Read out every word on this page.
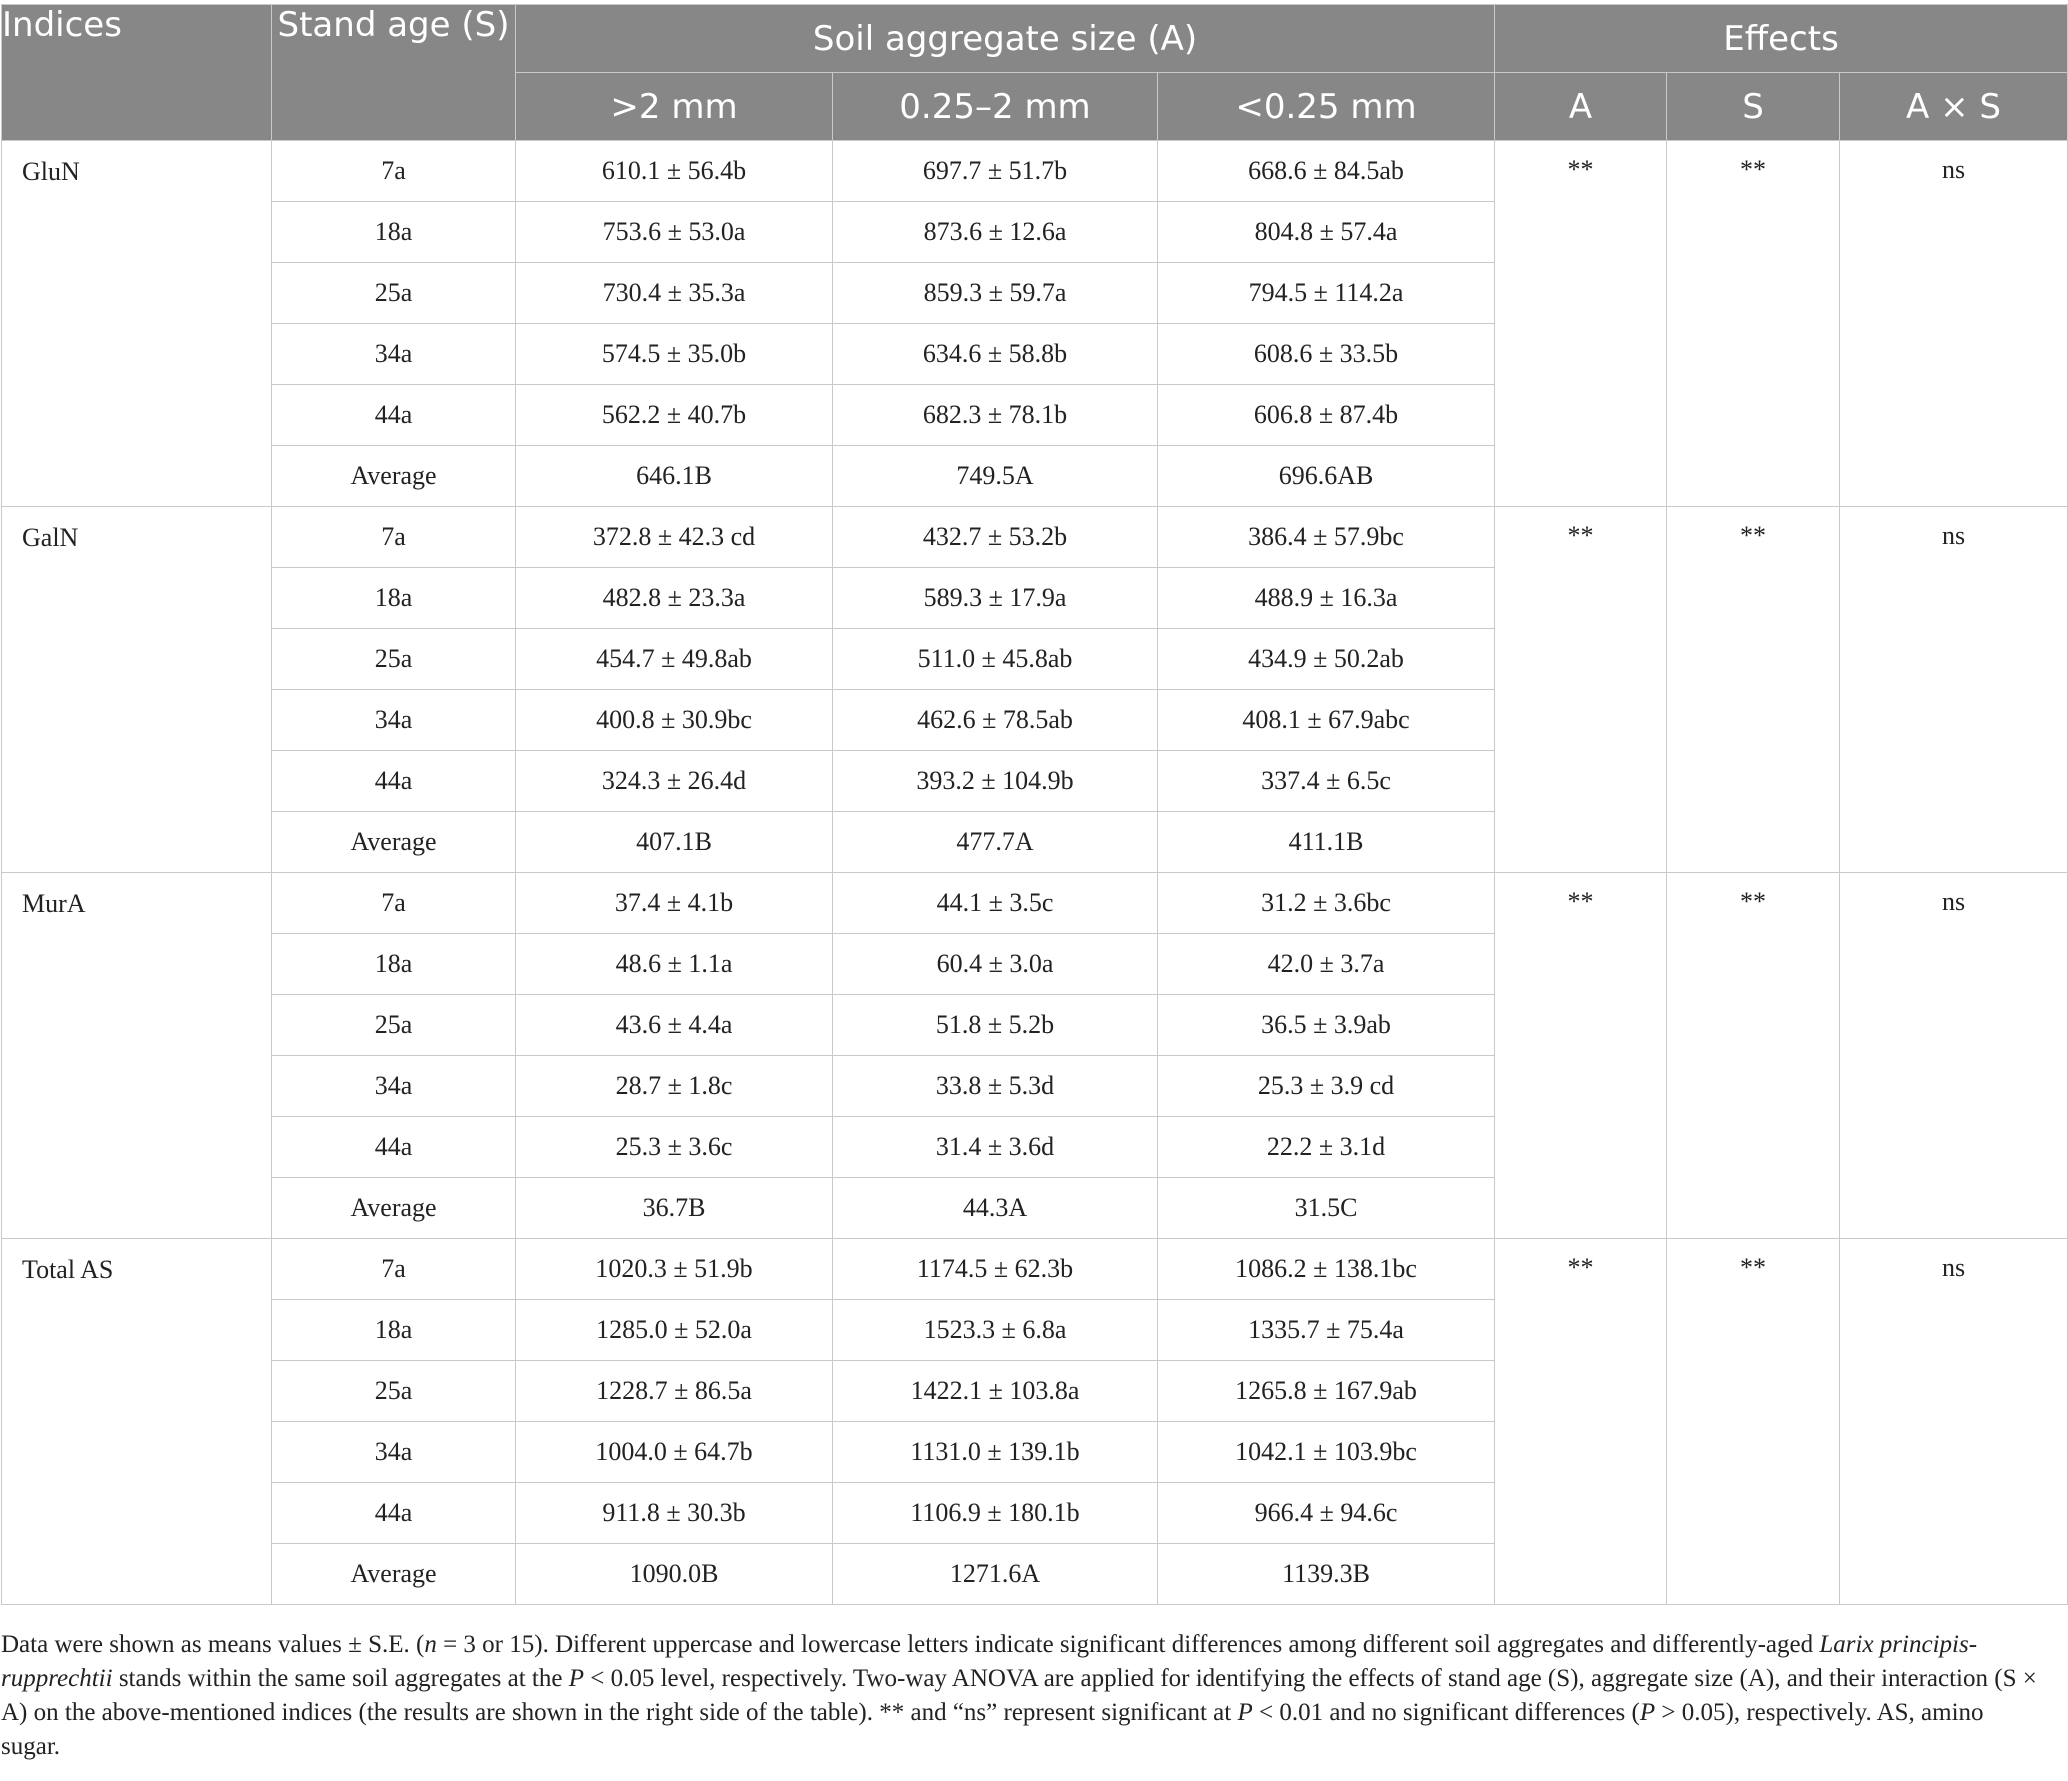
Indices	Stand age (S)	Soil aggregate size (A)			Effects		
		>2 mm	0.25–2 mm	<0.25 mm	A	S	A × S
GluN	7a	610.1 ± 56.4b	697.7 ± 51.7b	668.6 ± 84.5ab	**	**	ns
	18a	753.6 ± 53.0a	873.6 ± 12.6a	804.8 ± 57.4a			
	25a	730.4 ± 35.3a	859.3 ± 59.7a	794.5 ± 114.2a			
	34a	574.5 ± 35.0b	634.6 ± 58.8b	608.6 ± 33.5b			
	44a	562.2 ± 40.7b	682.3 ± 78.1b	606.8 ± 87.4b			
	Average	646.1B	749.5A	696.6AB			
GalN	7a	372.8 ± 42.3 cd	432.7 ± 53.2b	386.4 ± 57.9bc	**	**	ns
	18a	482.8 ± 23.3a	589.3 ± 17.9a	488.9 ± 16.3a			
	25a	454.7 ± 49.8ab	511.0 ± 45.8ab	434.9 ± 50.2ab			
	34a	400.8 ± 30.9bc	462.6 ± 78.5ab	408.1 ± 67.9abc			
	44a	324.3 ± 26.4d	393.2 ± 104.9b	337.4 ± 6.5c			
	Average	407.1B	477.7A	411.1B			
MurA	7a	37.4 ± 4.1b	44.1 ± 3.5c	31.2 ± 3.6bc	**	**	ns
	18a	48.6 ± 1.1a	60.4 ± 3.0a	42.0 ± 3.7a			
	25a	43.6 ± 4.4a	51.8 ± 5.2b	36.5 ± 3.9ab			
	34a	28.7 ± 1.8c	33.8 ± 5.3d	25.3 ± 3.9 cd			
	44a	25.3 ± 3.6c	31.4 ± 3.6d	22.2 ± 3.1d			
	Average	36.7B	44.3A	31.5C			
Total AS	7a	1020.3 ± 51.9b	1174.5 ± 62.3b	1086.2 ± 138.1bc	**	**	ns
	18a	1285.0 ± 52.0a	1523.3 ± 6.8a	1335.7 ± 75.4a			
	25a	1228.7 ± 86.5a	1422.1 ± 103.8a	1265.8 ± 167.9ab			
	34a	1004.0 ± 64.7b	1131.0 ± 139.1b	1042.1 ± 103.9bc			
	44a	911.8 ± 30.3b	1106.9 ± 180.1b	966.4 ± 94.6c			
	Average	1090.0B	1271.6A	1139.3B			
Data were shown as means values ± S.E. (n = 3 or 15). Different uppercase and lowercase letters indicate significant differences among different soil aggregates and differently-aged Larix principis-rupprechtii stands within the same soil aggregates at the P < 0.05 level, respectively. Two-way ANOVA are applied for identifying the effects of stand age (S), aggregate size (A), and their interaction (S × A) on the above-mentioned indices (the results are shown in the right side of the table). ** and “ns” represent significant at P < 0.01 and no significant differences (P > 0.05), respectively. AS, amino sugar.
